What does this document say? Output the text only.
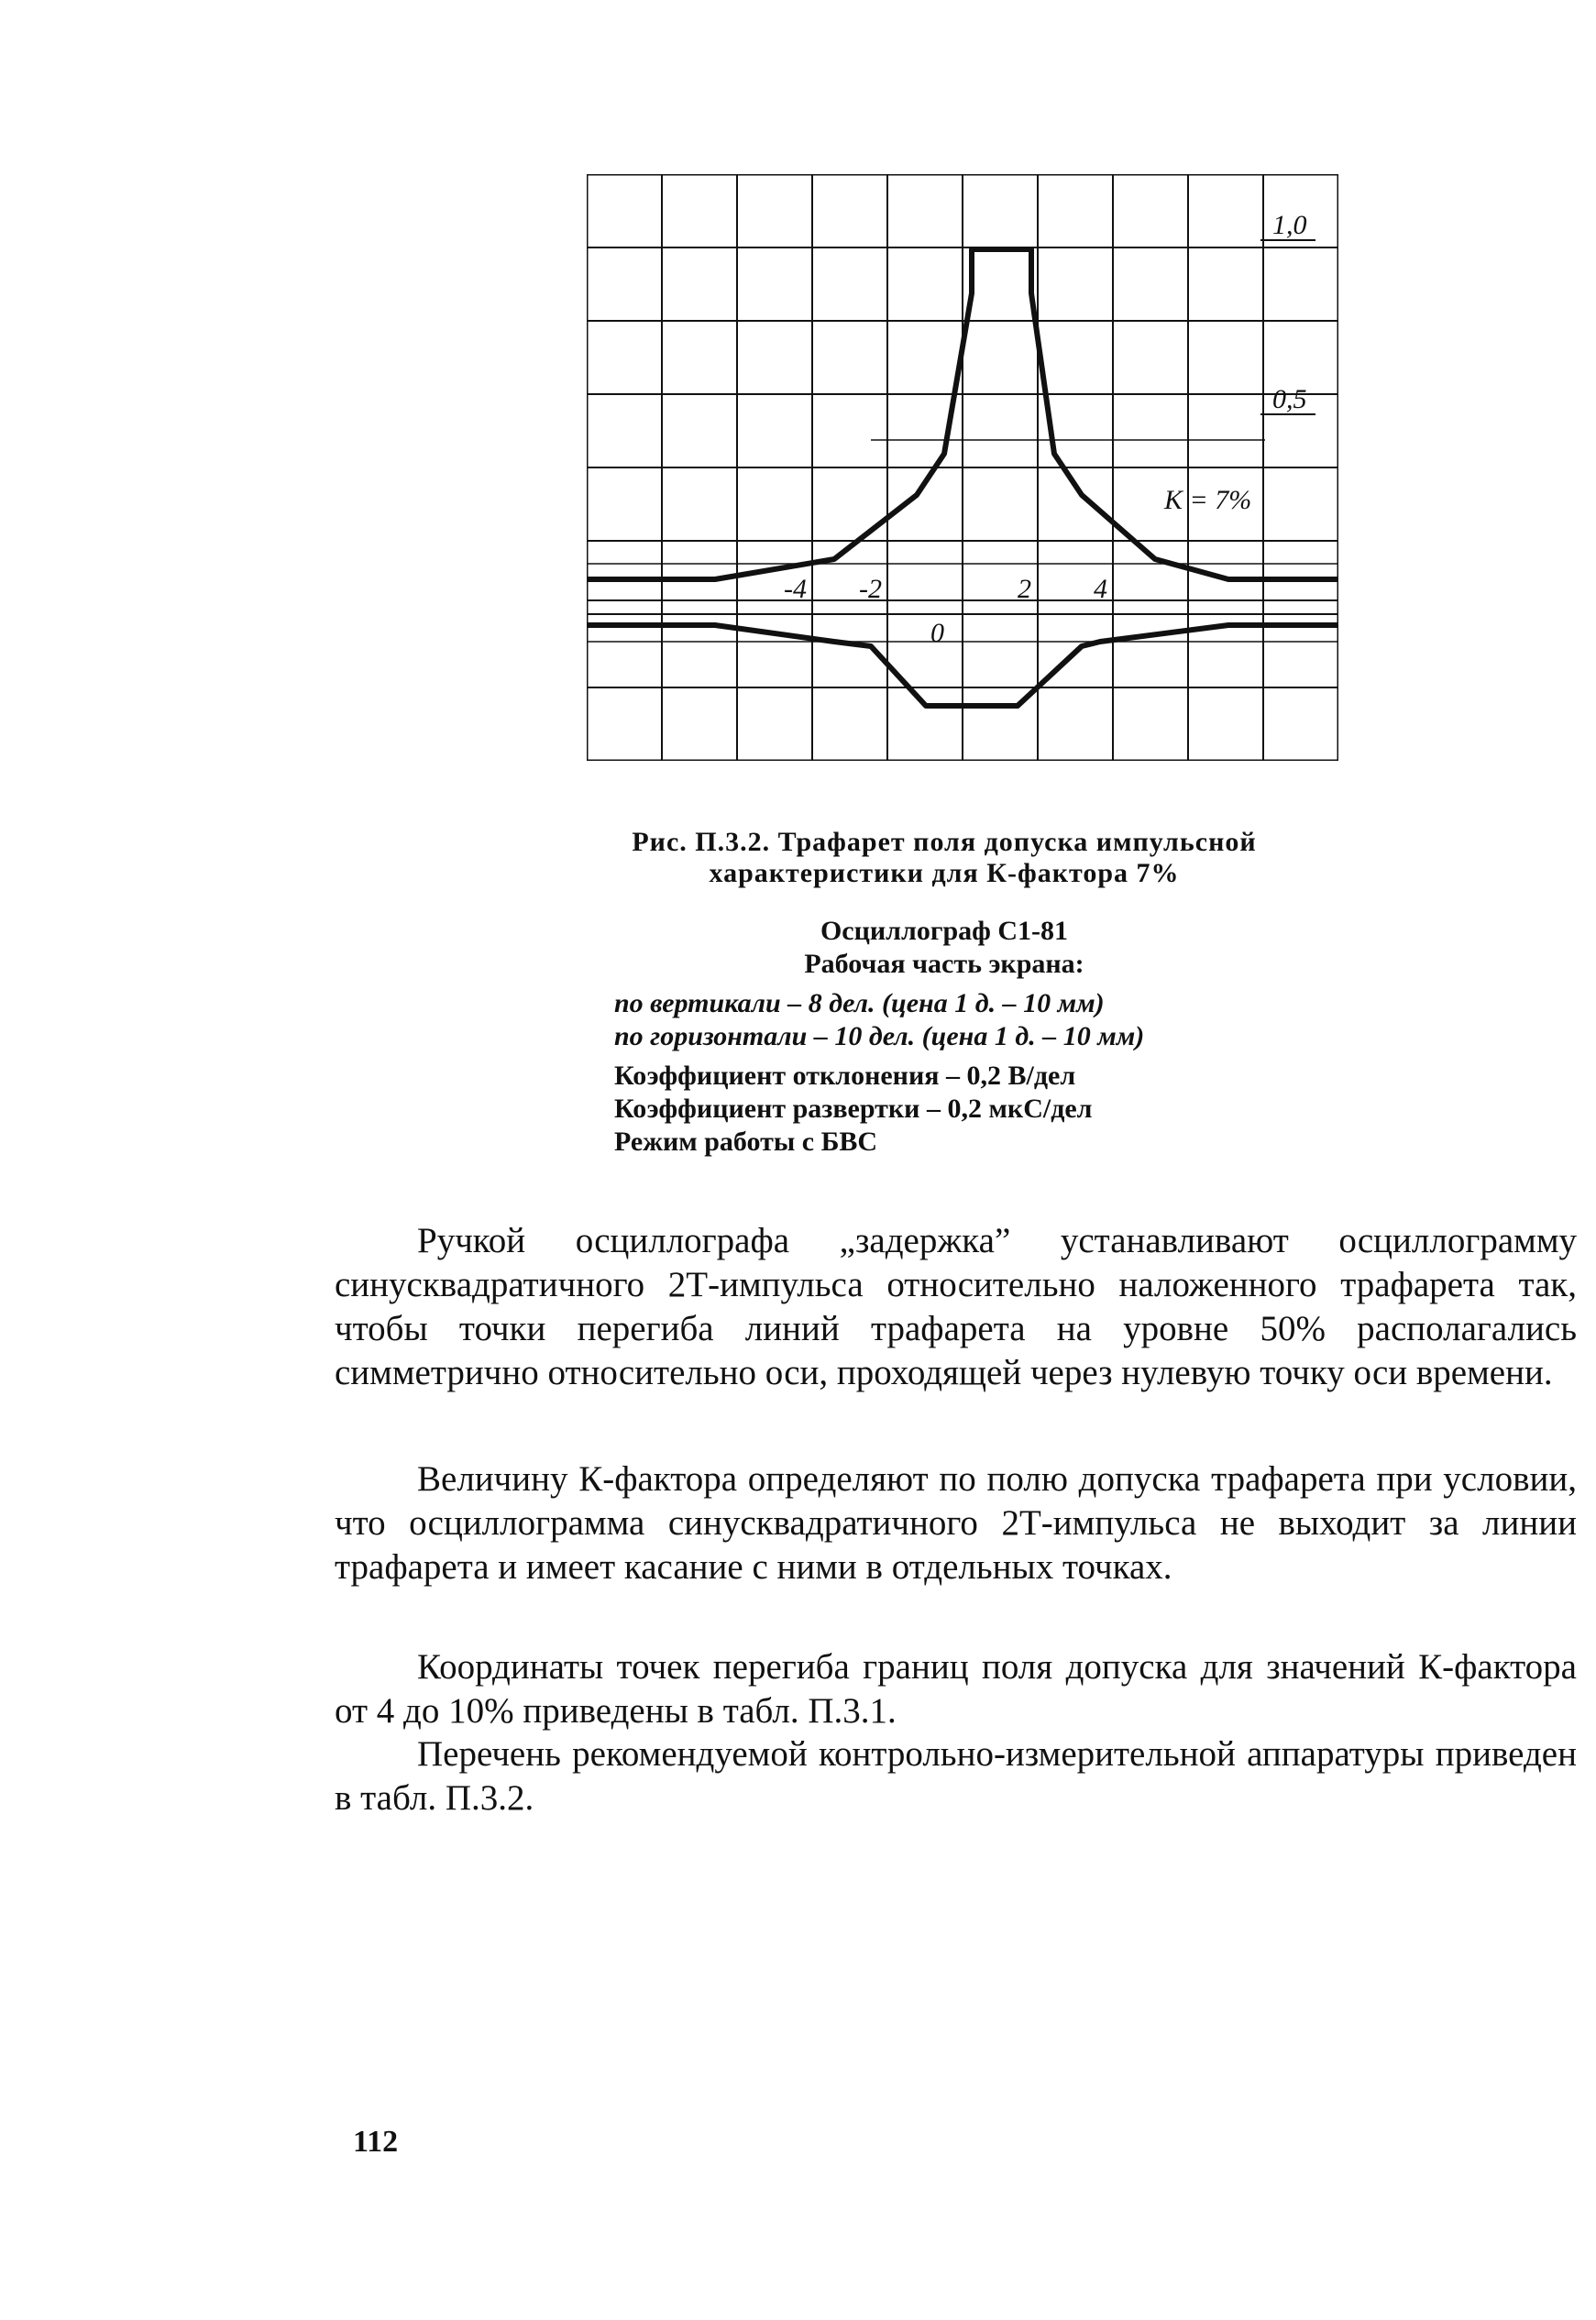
1,0
0,5
K = 7%
-4 -2	2 4
0
Рис. П.3.2. Трафарет поля допуска импульсной
характеристики для К-фактора 7%
Осциллограф С1-81
Рабочая часть экрана:
по вертикали – 8 дел. (цена 1 д. – 10 мм)
по горизонтали – 10 дел. (цена 1 д. – 10 мм)
Коэффициент отклонения – 0,2 В/дел
Коэффициент развертки – 0,2 мкС/дел
Режим работы с БВС
Ручкой осциллографа „задержка” устанавливают осциллограмму синусквадратичного 2Т-импульса относительно наложенного трафарета так, чтобы точки перегиба линий трафарета на уровне 50% располагались симметрично относительно оси, проходящей через нулевую точку оси времени.
Величину К-фактора определяют по полю допуска трафарета при условии, что осциллограмма синусквадратичного 2Т-импульса не выходит за линии трафарета и имеет касание с ними в отдельных точках.
Координаты точек перегиба границ поля допуска для значений К-фактора от 4 до 10% приведены в табл. П.3.1.
Перечень рекомендуемой контрольно-измерительной аппаратуры приведен в табл. П.3.2.
112
